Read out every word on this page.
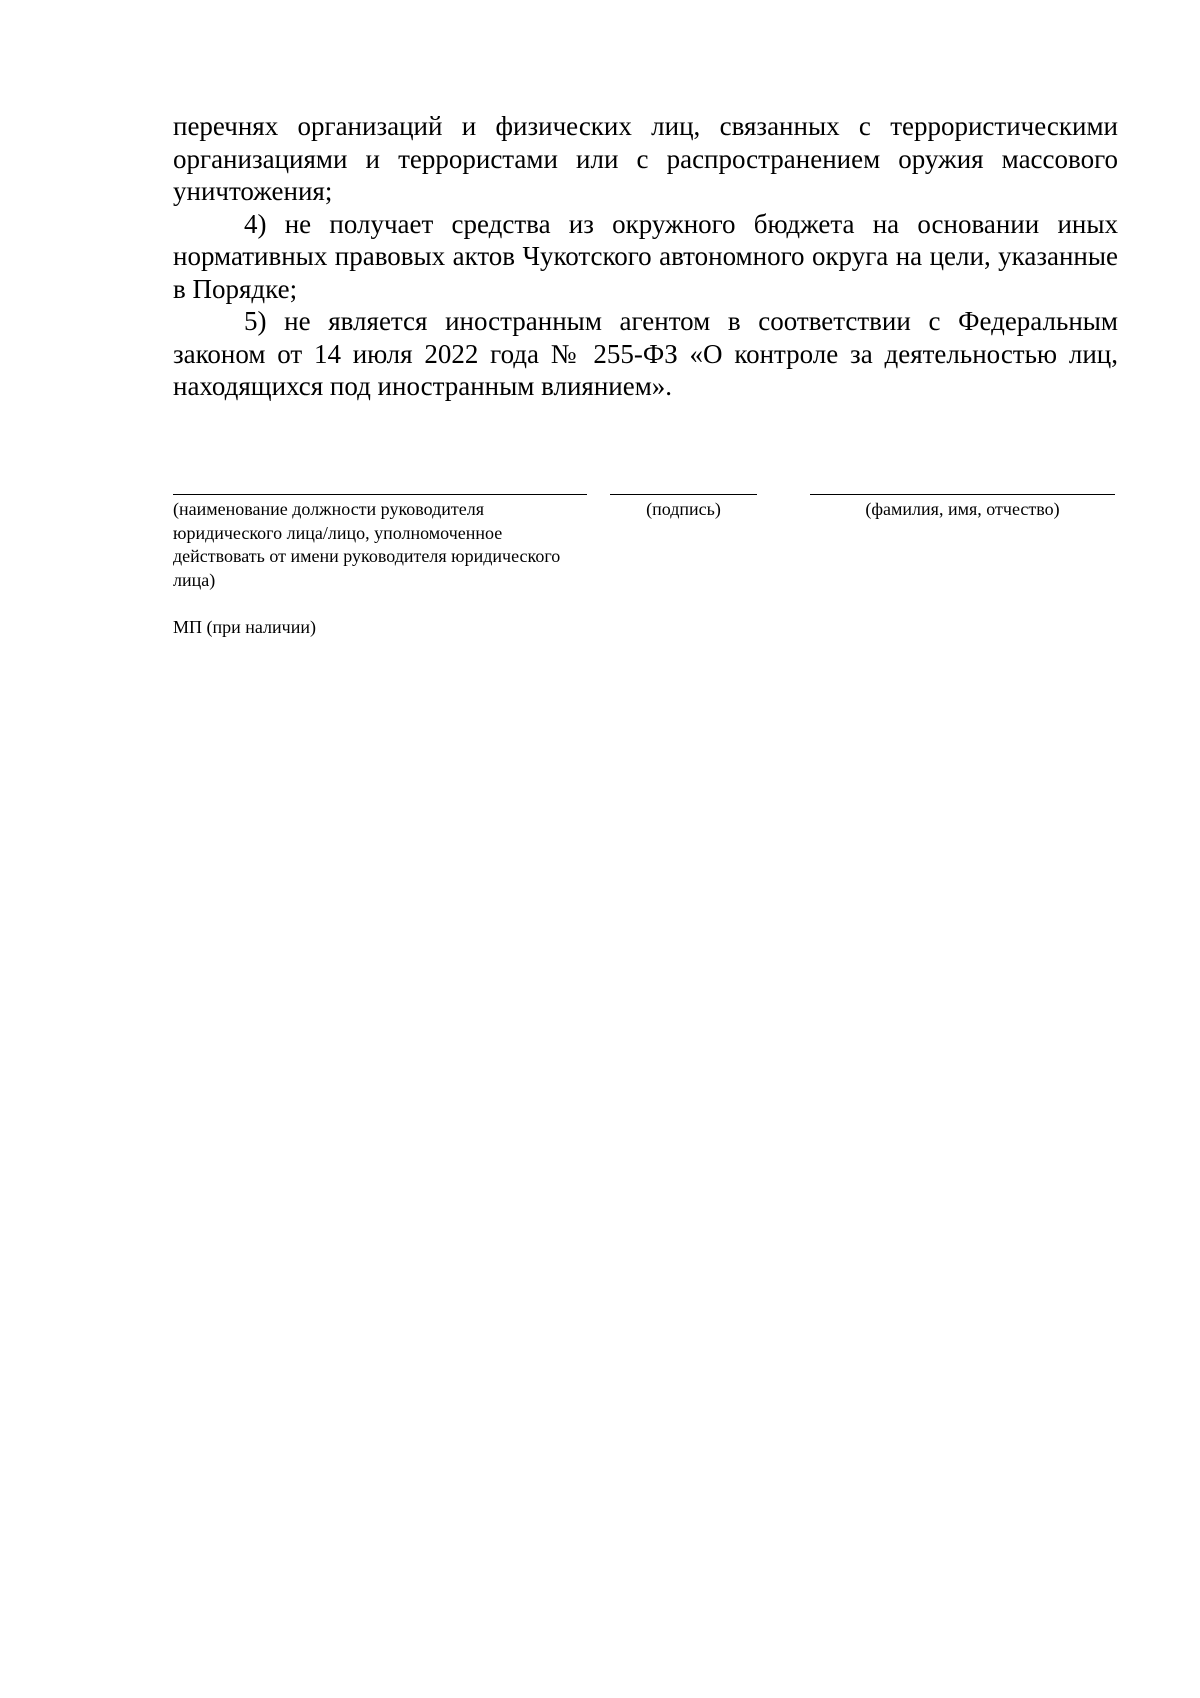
перечнях организаций и физических лиц, связанных с террористическими организациями и террористами или с распространением оружия массового уничтожения;

4) не получает средства из окружного бюджета на основании иных нормативных правовых актов Чукотского автономного округа на цели, указанные в Порядке;

5) не является иностранным агентом в соответствии с Федеральным законом от 14 июля 2022 года № 255-ФЗ «О контроле за деятельностью лиц, находящихся под иностранным влиянием».

(наименование должности руководителя юридического лица/лицо, уполномоченное действовать от имени руководителя юридического лица)
(подпись)	(фамилия, имя, отчество)
МП (при наличии)
